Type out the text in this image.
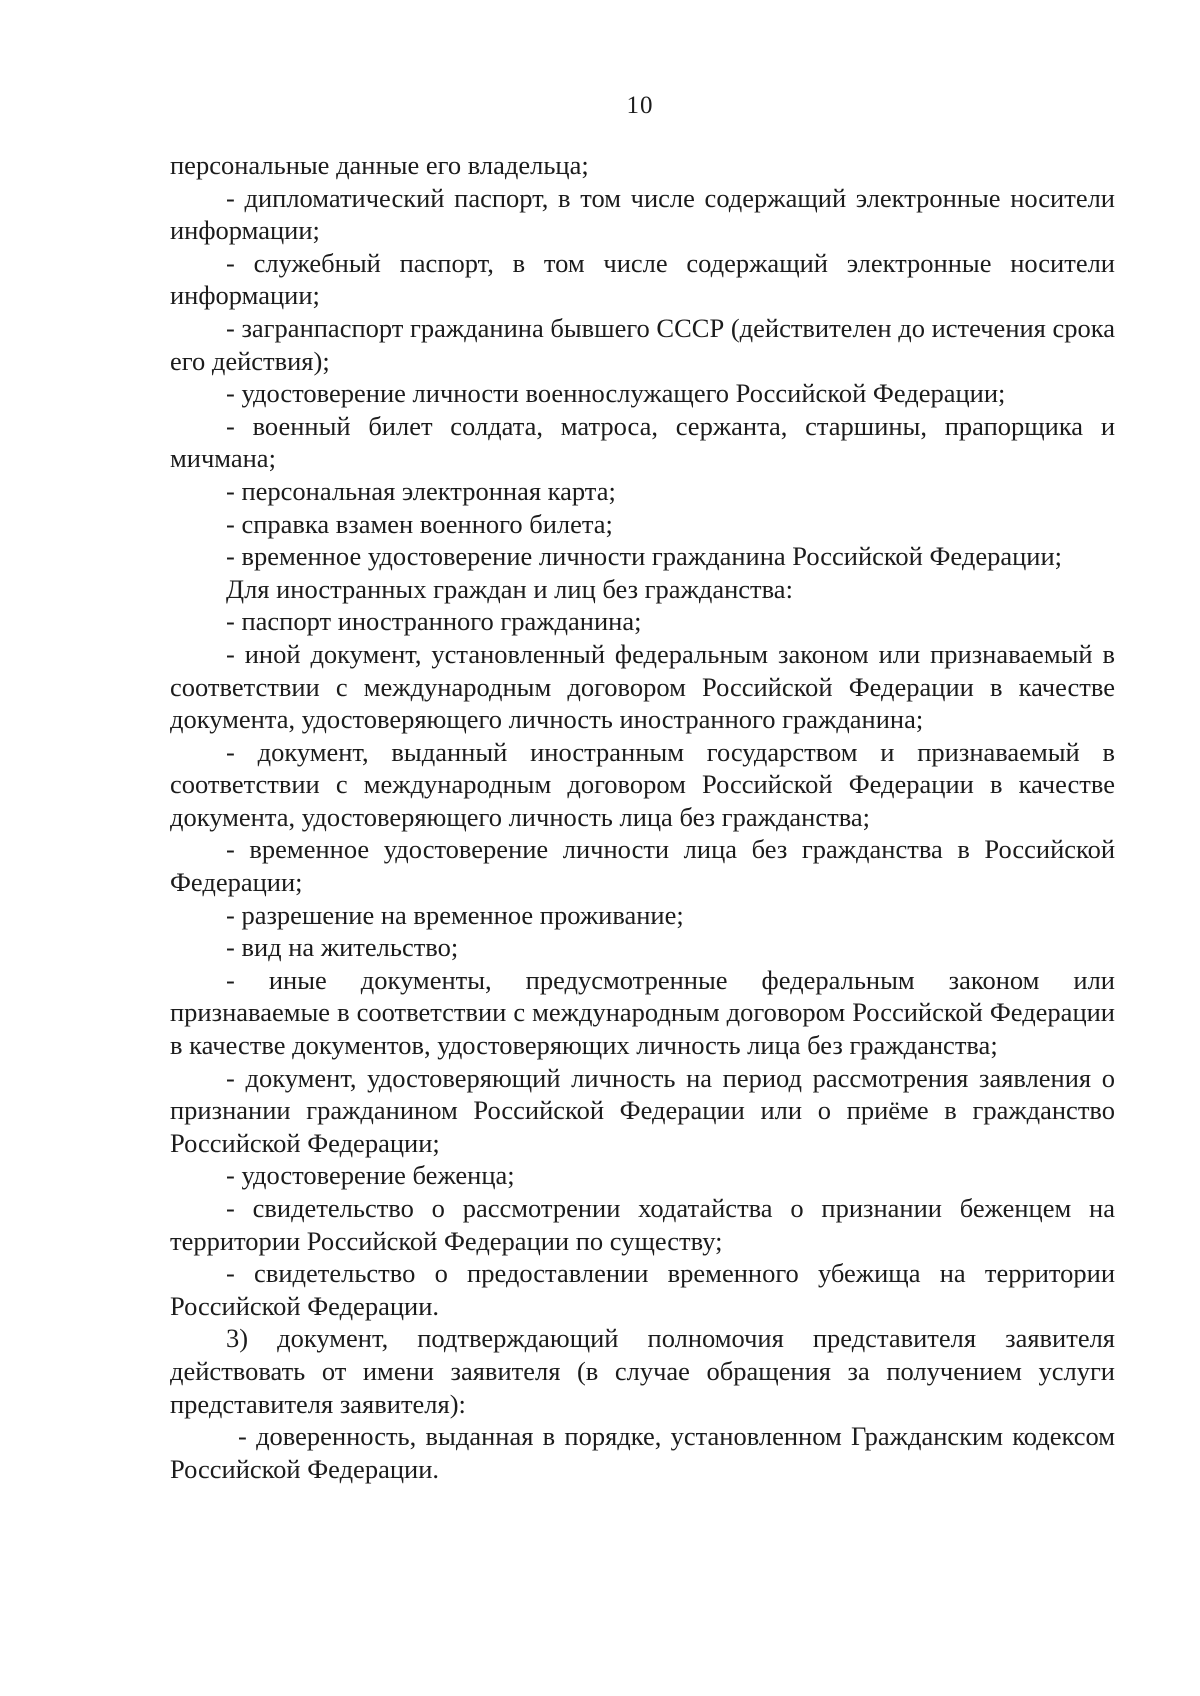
10

персональные данные его владельца;

- дипломатический паспорт, в том числе содержащий электронные носители информации;

- служебный паспорт, в том числе содержащий электронные носители информации;

- загранпаспорт гражданина бывшего СССР (действителен до истечения срока его действия);

- удостоверение личности военнослужащего Российской Федерации;

- военный билет солдата, матроса, сержанта, старшины, прапорщика и мичмана;

- персональная электронная карта;

- справка взамен военного билета;

- временное удостоверение личности гражданина Российской Федерации;

Для иностранных граждан и лиц без гражданства:

- паспорт иностранного гражданина;

- иной документ, установленный федеральным законом или признаваемый в соответствии с международным договором Российской Федерации в качестве документа, удостоверяющего личность иностранного гражданина;

- документ, выданный иностранным государством и признаваемый в соответствии с международным договором Российской Федерации в качестве документа, удостоверяющего личность лица без гражданства;

- временное удостоверение личности лица без гражданства в Российской Федерации;

- разрешение на временное проживание;

- вид на жительство;

- иные документы, предусмотренные федеральным законом или признаваемые в соответствии с международным договором Российской Федерации в качестве документов, удостоверяющих личность лица без гражданства;

- документ, удостоверяющий личность на период рассмотрения заявления о признании гражданином Российской Федерации или о приёме в гражданство Российской Федерации;

- удостоверение беженца;

- свидетельство о рассмотрении ходатайства о признании беженцем на территории Российской Федерации по существу;

- свидетельство о предоставлении временного убежища на территории Российской Федерации.

3) документ, подтверждающий полномочия представителя заявителя действовать от имени заявителя (в случае обращения за получением услуги представителя заявителя):

- доверенность, выданная в порядке, установленном Гражданским кодексом Российской Федерации.
